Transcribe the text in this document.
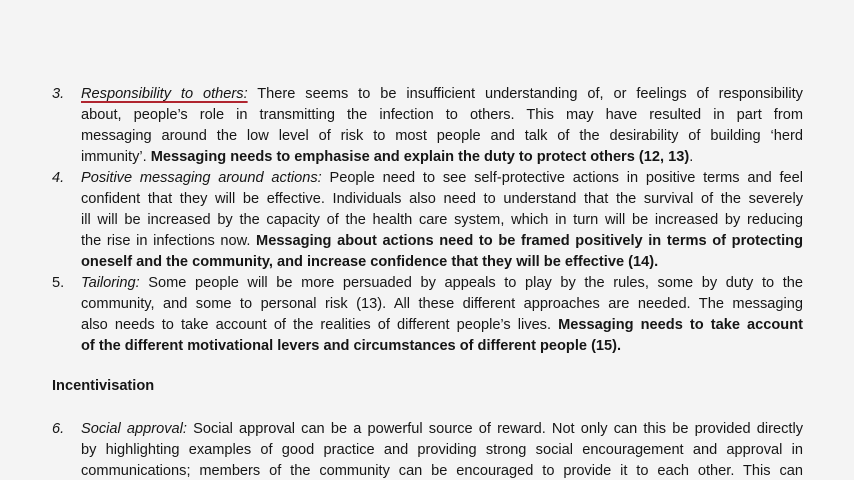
3. Responsibility to others: There seems to be insufficient understanding of, or feelings of responsibility
about, people’s role in transmitting the infection to others. This may have resulted in part from
messaging around the low level of risk to most people and talk of the desirability of building ‘herd
immunity’. Messaging needs to emphasise and explain the duty to protect others (12, 13).
4. Positive messaging around actions: People need to see self-protective actions in positive terms and feel
confident that they will be effective. Individuals also need to understand that the survival of the severely
ill will be increased by the capacity of the health care system, which in turn will be increased by reducing
the rise in infections now. Messaging about actions need to be framed positively in terms of protecting
oneself and the community, and increase confidence that they will be effective (14).
5. Tailoring: Some people will be more persuaded by appeals to play by the rules, some by duty to the
community, and some to personal risk (13). All these different approaches are needed. The messaging
also needs to take account of the realities of different people’s lives. Messaging needs to take account
of the different motivational levers and circumstances of different people (15).
Incentivisation
6. Social approval: Social approval can be a powerful source of reward. Not only can this be provided directly
by highlighting examples of good practice and providing strong social encouragement and approval in
communications; members of the community can be encouraged to provide it to each other. This can
